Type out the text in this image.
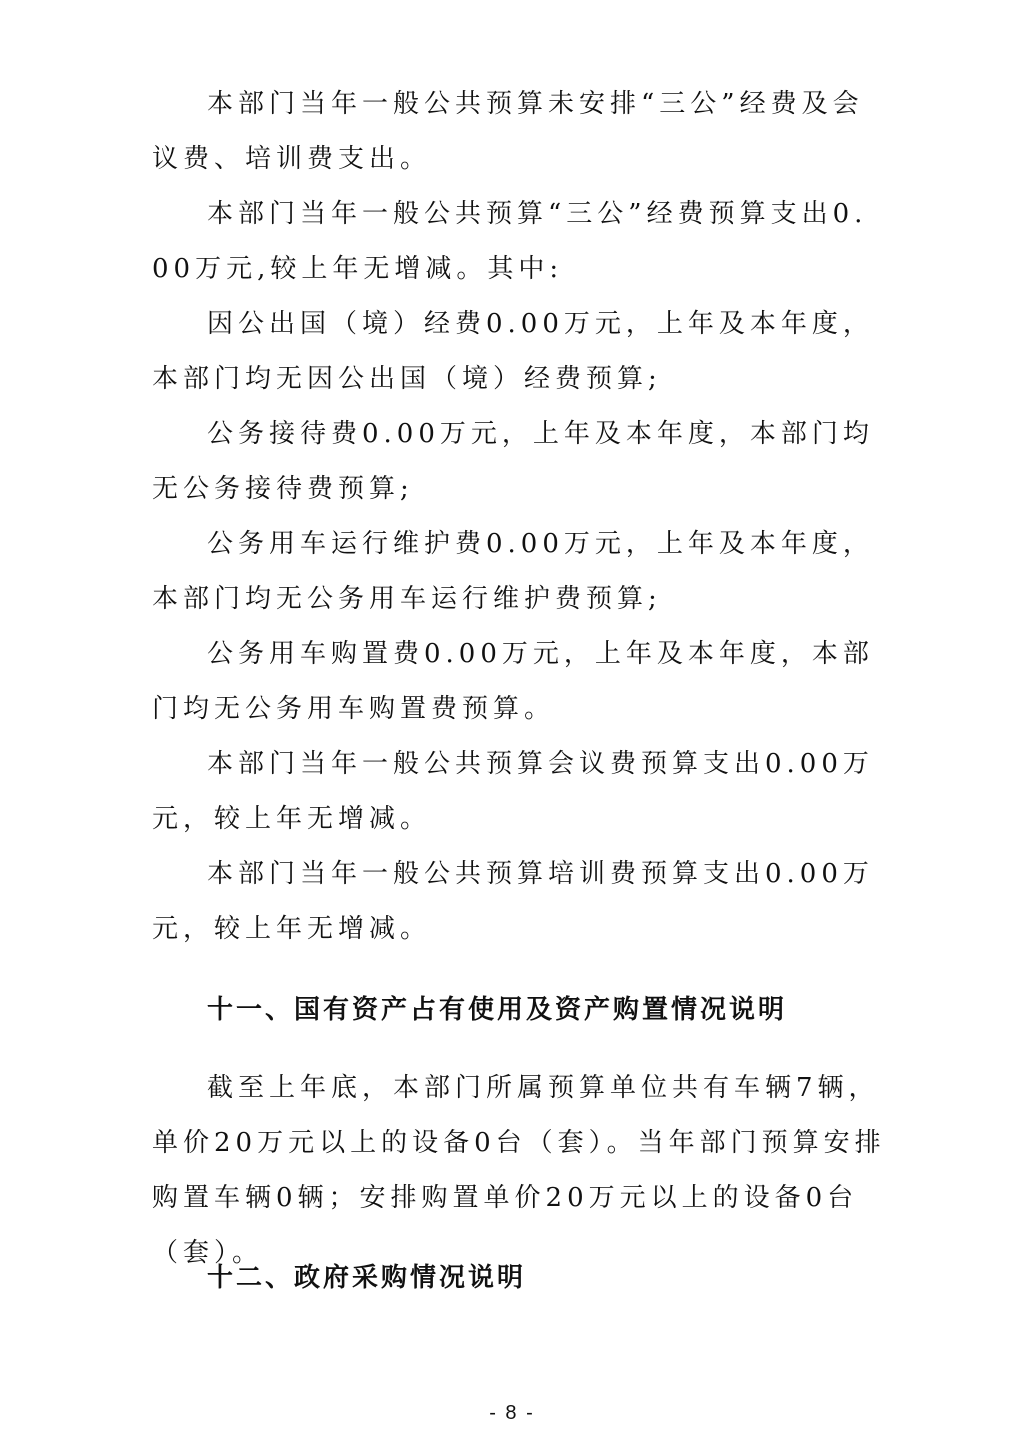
本部门当年一般公共预算未安排“三公”经费及会议费、培训费支出。

本部门当年一般公共预算“三公”经费预算支出0.00万元,较上年无增减。其中:

因公出国（境）经费0.00万元，上年及本年度，本部门均无因公出国（境）经费预算;

公务接待费0.00万元，上年及本年度，本部门均无公务接待费预算;

公务用车运行维护费0.00万元，上年及本年度，本部门均无公务用车运行维护费预算;

公务用车购置费0.00万元，上年及本年度，本部门均无公务用车购置费预算。

本部门当年一般公共预算会议费预算支出0.00万元，较上年无增减。

本部门当年一般公共预算培训费预算支出0.00万元，较上年无增减。

十一、国有资产占有使用及资产购置情况说明

截至上年底，本部门所属预算单位共有车辆7辆，单价20万元以上的设备0台（套）。当年部门预算安排购置车辆0辆；安排购置单价20万元以上的设备0台（套）。

十二、政府采购情况说明
- 8 -
